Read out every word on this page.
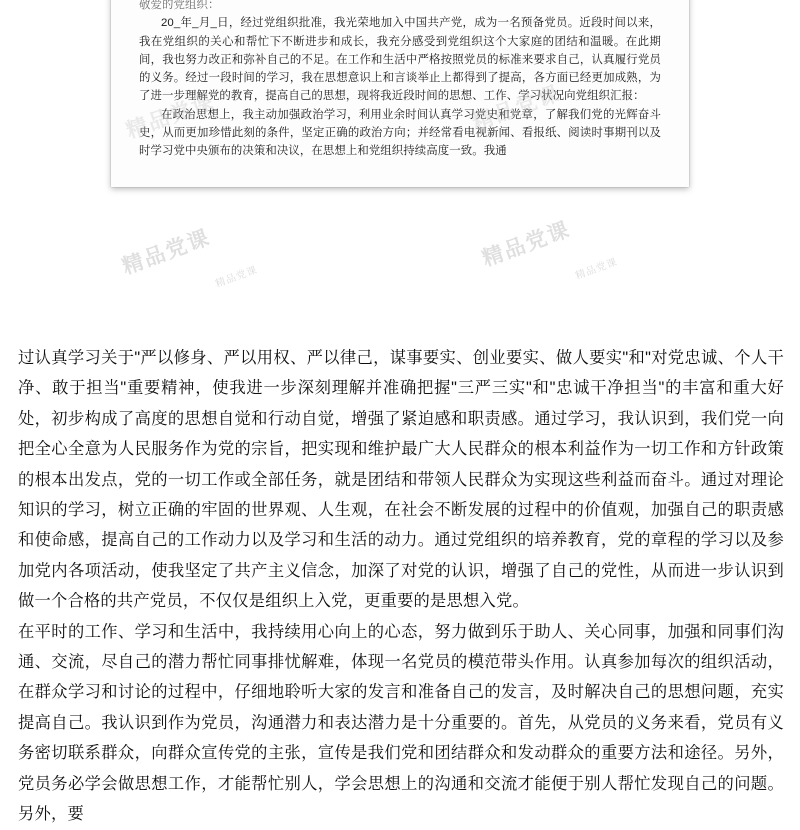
敬爱的党组织：

20_年_月_日，经过党组织批准，我光荣地加入中国共产党，成为一名预备党员。近段时间以来，我在党组织的关心和帮忙下不断进步和成长，我充分感受到党组织这个大家庭的团结和温暖。在此期间，我也努力改正和弥补自己的不足。在工作和生活中严格按照党员的标准来要求自己，认真履行党员的义务。经过一段时间的学习，我在思想意识上和言谈举止上都得到了提高，各方面已经更加成熟，为了进一步理解党的教育，提高自己的思想，现将我近段时间的思想、工作、学习状况向党组织汇报：

在政治思想上，我主动加强政治学习，利用业余时间认真学习党史和党章，了解我们党的光辉奋斗史，从而更加珍惜此刻的条件，坚定正确的政治方向；并经常看电视新闻、看报纸、阅读时事期刊以及时学习党中央颁布的决策和决议，在思想上和党组织持续高度一致。我通

精品党课	精品党课
精品党课	精品党课
精品党课	精品党课

过认真学习关于"严以修身、严以用权、严以律己，谋事要实、创业要实、做人要实"和"对党忠诚、个人干净、敢于担当"重要精神，使我进一步深刻理解并准确把握"三严三实"和"忠诚干净担当"的丰富和重大好处，初步构成了高度的思想自觉和行动自觉，增强了紧迫感和职责感。通过学习，我认识到，我们党一向把全心全意为人民服务作为党的宗旨，把实现和维护最广大人民群众的根本利益作为一切工作和方针政策的根本出发点，党的一切工作或全部任务，就是团结和带领人民群众为实现这些利益而奋斗。通过对理论知识的学习，树立正确的牢固的世界观、人生观，在社会不断发展的过程中的价值观，加强自己的职责感和使命感，提高自己的工作动力以及学习和生活的动力。通过党组织的培养教育，党的章程的学习以及参加党内各项活动，使我坚定了共产主义信念，加深了对党的认识，增强了自己的党性，从而进一步认识到做一个合格的共产党员，不仅仅是组织上入党，更重要的是思想入党。

在平时的工作、学习和生活中，我持续用心向上的心态，努力做到乐于助人、关心同事，加强和同事们沟通、交流，尽自己的潜力帮忙同事排忧解难，体现一名党员的模范带头作用。认真参加每次的组织活动，在群众学习和讨论的过程中，仔细地聆听大家的发言和准备自己的发言，及时解决自己的思想问题，充实提高自己。我认识到作为党员，沟通潜力和表达潜力是十分重要的。首先，从党员的义务来看，党员有义务密切联系群众，向群众宣传党的主张，宣传是我们党和团结群众和发动群众的重要方法和途径。另外，党员务必学会做思想工作，才能帮忙别人，学会思想上的沟通和交流才能便于别人帮忙发现自己的问题。另外，要
